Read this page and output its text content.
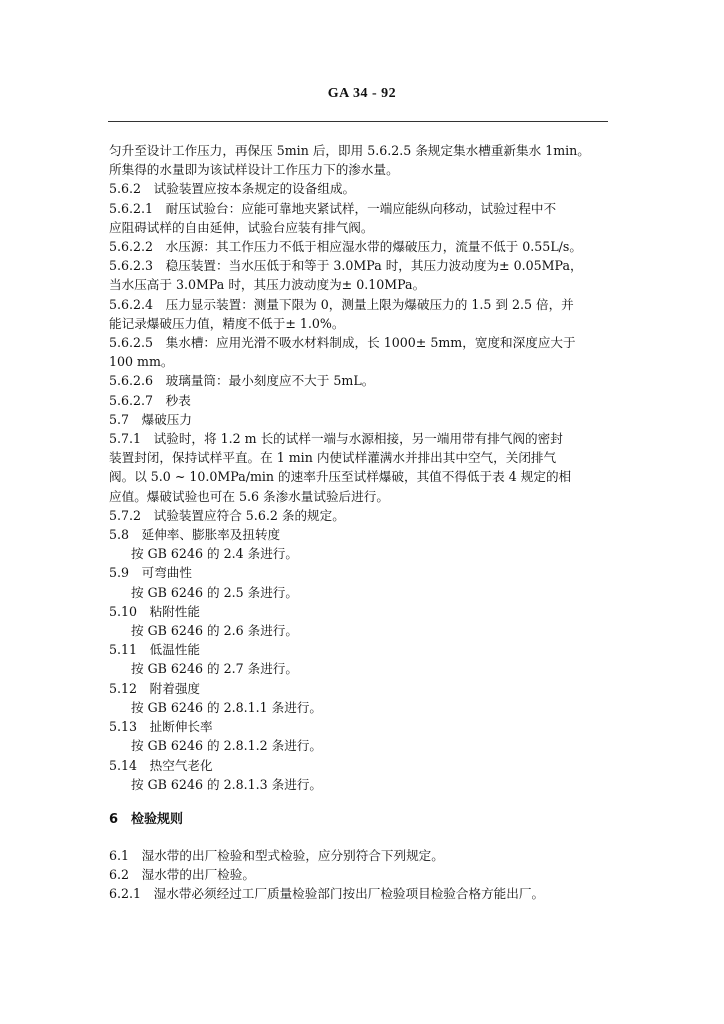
GA 34 - 92
匀升至设计工作压力，再保压 5min 后，即用 5.6.2.5 条规定集水槽重新集水 1min。
所集得的水量即为该试样设计工作压力下的渗水量。
5.6.2　试验装置应按本条规定的设备组成。
5.6.2.1　耐压试验台：应能可靠地夹紧试样，一端应能纵向移动，试验过程中不
应阻碍试样的自由延伸，试验台应装有排气阀。
5.6.2.2　水压源：其工作压力不低于相应湿水带的爆破压力，流量不低于 0.55L/s。
5.6.2.3　稳压装置：当水压低于和等于 3.0MPa 时，其压力波动度为± 0.05MPa，
当水压高于 3.0MPa 时，其压力波动度为± 0.10MPa。
5.6.2.4　压力显示装置：测量下限为 0，测量上限为爆破压力的 1.5 到 2.5 倍，并
能记录爆破压力值，精度不低于± 1.0%。
5.6.2.5　集水槽：应用光滑不吸水材料制成，长 1000± 5mm，宽度和深度应大于
100 mm。
5.6.2.6　玻璃量筒：最小刻度应不大于 5mL。
5.6.2.7　秒表
5.7　爆破压力
5.7.1　试验时，将 1.2 m 长的试样一端与水源相接，另一端用带有排气阀的密封
装置封闭，保持试样平直。在 1 min 内使试样灌满水并排出其中空气，关闭排气
阀。以 5.0 ~ 10.0MPa/min 的速率升压至试样爆破，其值不得低于表 4 规定的相
应值。爆破试验也可在 5.6 条渗水量试验后进行。
5.7.2　试验装置应符合 5.6.2 条的规定。
5.8　延伸率、膨胀率及扭转度
按 GB 6246 的 2.4 条进行。
5.9　可弯曲性
按 GB 6246 的 2.5 条进行。
5.10　粘附性能
按 GB 6246 的 2.6 条进行。
5.11　低温性能
按 GB 6246 的 2.7 条进行。
5.12　附着强度
按 GB 6246 的 2.8.1.1 条进行。
5.13　扯断伸长率
按 GB 6246 的 2.8.1.2 条进行。
5.14　热空气老化
按 GB 6246 的 2.8.1.3 条进行。
6　检验规则
6.1　湿水带的出厂检验和型式检验，应分别符合下列规定。
6.2　湿水带的出厂检验。
6.2.1　湿水带必须经过工厂质量检验部门按出厂检验项目检验合格方能出厂。
